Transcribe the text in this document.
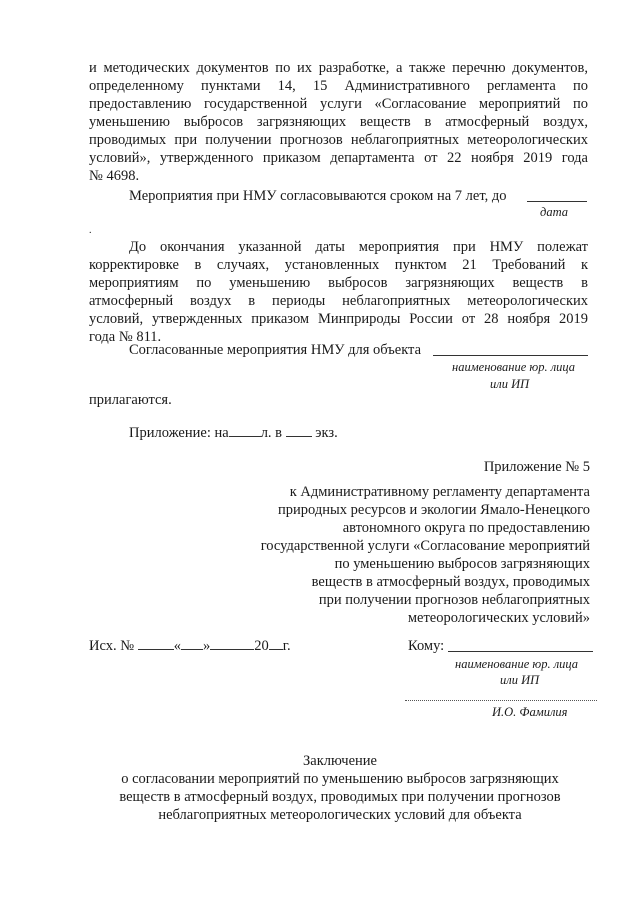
и методических документов по их разработке, а также перечню документов,

определенному пунктами 14, 15 Административного регламента по

предоставлению государственной услуги «Согласование мероприятий по

уменьшению выбросов загрязняющих веществ в атмосферный воздух,

проводимых при получении прогнозов неблагоприятных метеорологических

условий», утвержденного приказом департамента от 22 ноября 2019 года

№ 4698.

Мероприятия при НМУ согласовываются сроком на 7 лет, до
дата
.

До окончания указанной даты мероприятия при НМУ полежат

корректировке в случаях, установленных пунктом 21 Требований к

мероприятиям по уменьшению выбросов загрязняющих веществ в

атмосферный воздух в периоды неблагоприятных метеорологических

условий, утвержденных приказом Минприроды России от 28 ноября 2019

года № 811.

Согласованные мероприятия НМУ для объекта
наименование юр. лица
или ИП
прилагаются.
Приложение: на л. в экз.
Приложение № 5
к Административному регламенту департамента
природных ресурсов и экологии Ямало-Ненецкого
автономного округа по предоставлению
государственной услуги «Согласование мероприятий
по уменьшению выбросов загрязняющих
веществ в атмосферный воздух, проводимых
при получении прогнозов неблагоприятных
метеорологических условий»
Исх. №	« »	20 г.	Кому:
наименование юр. лица
или ИП
И.О. Фамилия
Заключение
о согласовании мероприятий по уменьшению выбросов загрязняющих
веществ в атмосферный воздух, проводимых при получении прогнозов
неблагоприятных метеорологических условий для объекта
